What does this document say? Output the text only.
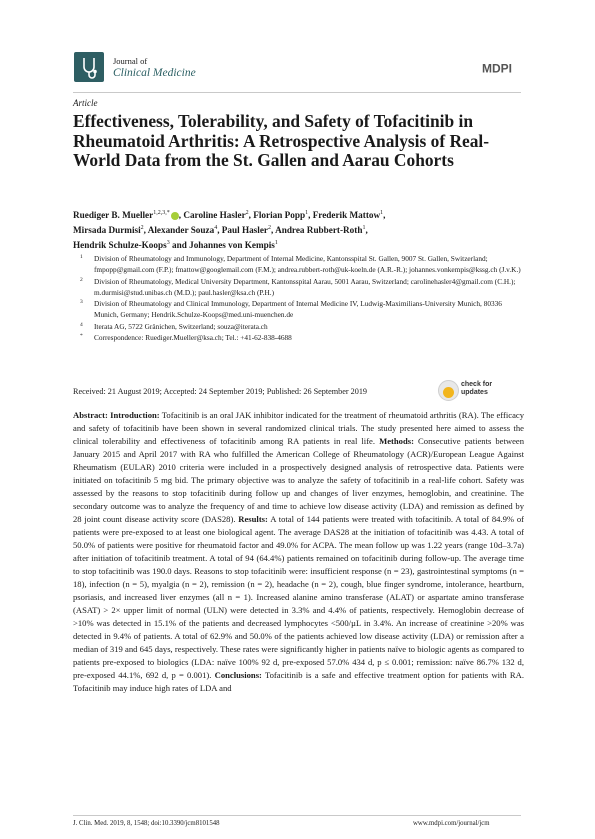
Journal of
Clinical Medicine	MDPI
Article
Effectiveness, Tolerability, and Safety of Tofacitinib in Rheumatoid Arthritis: A Retrospective Analysis of Real-World Data from the St. Gallen and Aarau Cohorts
Ruediger B. Mueller$^{1,2,3,*}$ , Caroline Hasler$^2$, Florian Popp$^1$, Frederik Mattow$^1$,
Mirsada Durmisi$^2$, Alexander Souza$^4$, Paul Hasler$^2$, Andrea Rubbert-Roth$^1$,
Hendrik Schulze-Koops$^3$ and Johannes von Kempis$^1$
1 Division of Rheumatology and Immunology, Department of Internal Medicine, Kantonsspital St. Gallen, 9007 St. Gallen, Switzerland; fmpopp@gmail.com (F.P.); fmattow@googlemail.com (F.M.); andrea.rubbert-roth@uk-koeln.de (A.R.-R.); johannes.vonkempis@kssg.ch (J.v.K.)
2 Division of Rheumatology, Medical University Department, Kantonsspital Aarau, 5001 Aarau, Switzerland; carolinehasler4@gmail.com (C.H.); m.durmisi@stud.unibas.ch (M.D.); paul.hasler@ksa.ch (P.H.)
3 Division of Rheumatology and Clinical Immunology, Department of Internal Medicine IV, Ludwig-Maximilians-University Munich, 80336 Munich, Germany; Hendrik.Schulze-Koops@med.uni-muenchen.de
4 Iterata AG, 5722 Gränichen, Switzerland; souza@iterata.ch
* Correspondence: Ruediger.Mueller@ksa.ch; Tel.: +41-62-838-4688
Received: 21 August 2019; Accepted: 24 September 2019; Published: 26 September 2019
check for
updates

Abstract: Introduction: Tofacitinib is an oral JAK inhibitor indicated for the treatment of rheumatoid arthritis (RA). The efficacy and safety of tofacitinib have been shown in several randomized clinical trials. The study presented here aimed to assess the clinical tolerability and effectiveness of tofacitinib among RA patients in real life. Methods: Consecutive patients between January 2015 and April 2017 with RA who fulfilled the American College of Rheumatology (ACR)/European League Against Rheumatism (EULAR) 2010 criteria were included in a prospectively designed analysis of retrospective data. Patients were initiated on tofacitinib 5 mg bid. The primary objective was to analyze the safety of tofacitinib in a real-life cohort. Safety was assessed by the reasons to stop tofacitinib during follow up and changes of liver enzymes, hemoglobin, and creatinine. The secondary outcome was to analyze the frequency of and time to achieve low disease activity (LDA) and remission as defined by 28 joint count disease activity score (DAS28). Results: A total of 144 patients were treated with tofacitinib. A total of 84.9% of patients were pre-exposed to at least one biological agent. The average DAS28 at the initiation of tofacitinib was 4.43. A total of 50.0% of patients were positive for rheumatoid factor and 49.0% for ACPA. The mean follow up was 1.22 years (range 10d–3.7a) after initiation of tofacitinib treatment. A total of 94 (64.4%) patients remained on tofacitinib during follow-up. The average time to stop tofacitinib was 190.0 days. Reasons to stop tofacitinib were: insufficient response (n = 23), gastrointestinal symptoms (n = 18), infection (n = 5), myalgia (n = 2), remission (n = 2), headache (n = 2), cough, blue finger syndrome, intolerance, heartburn, psoriasis, and increased liver enzymes (all n = 1). Increased alanine amino transferase (ALAT) or aspartate amino transferase (ASAT) > 2× upper limit of normal (ULN) were detected in 3.3% and 4.4% of patients, respectively. Hemoglobin decrease of >10% was detected in 15.1% of the patients and decreased lymphocytes <500/µL in 3.4%. An increase of creatinine >20% was detected in 9.4% of patients. A total of 62.9% and 50.0% of the patients achieved low disease activity (LDA) or remission after a median of 319 and 645 days, respectively. These rates were significantly higher in patients naïve to biologic agents as compared to patients pre-exposed to biologics (LDA: naïve 100% 92 d, pre-exposed 57.0% 434 d, p ≤ 0.001; remission: naïve 86.7% 132 d, pre-exposed 44.1%, 692 d, p = 0.001). Conclusions: Tofacitinib is a safe and effective treatment option for patients with RA. Tofacitinib may induce high rates of LDA and

J. Clin. Med. 2019, 8, 1548; doi:10.3390/jcm8101548	www.mdpi.com/journal/jcm
